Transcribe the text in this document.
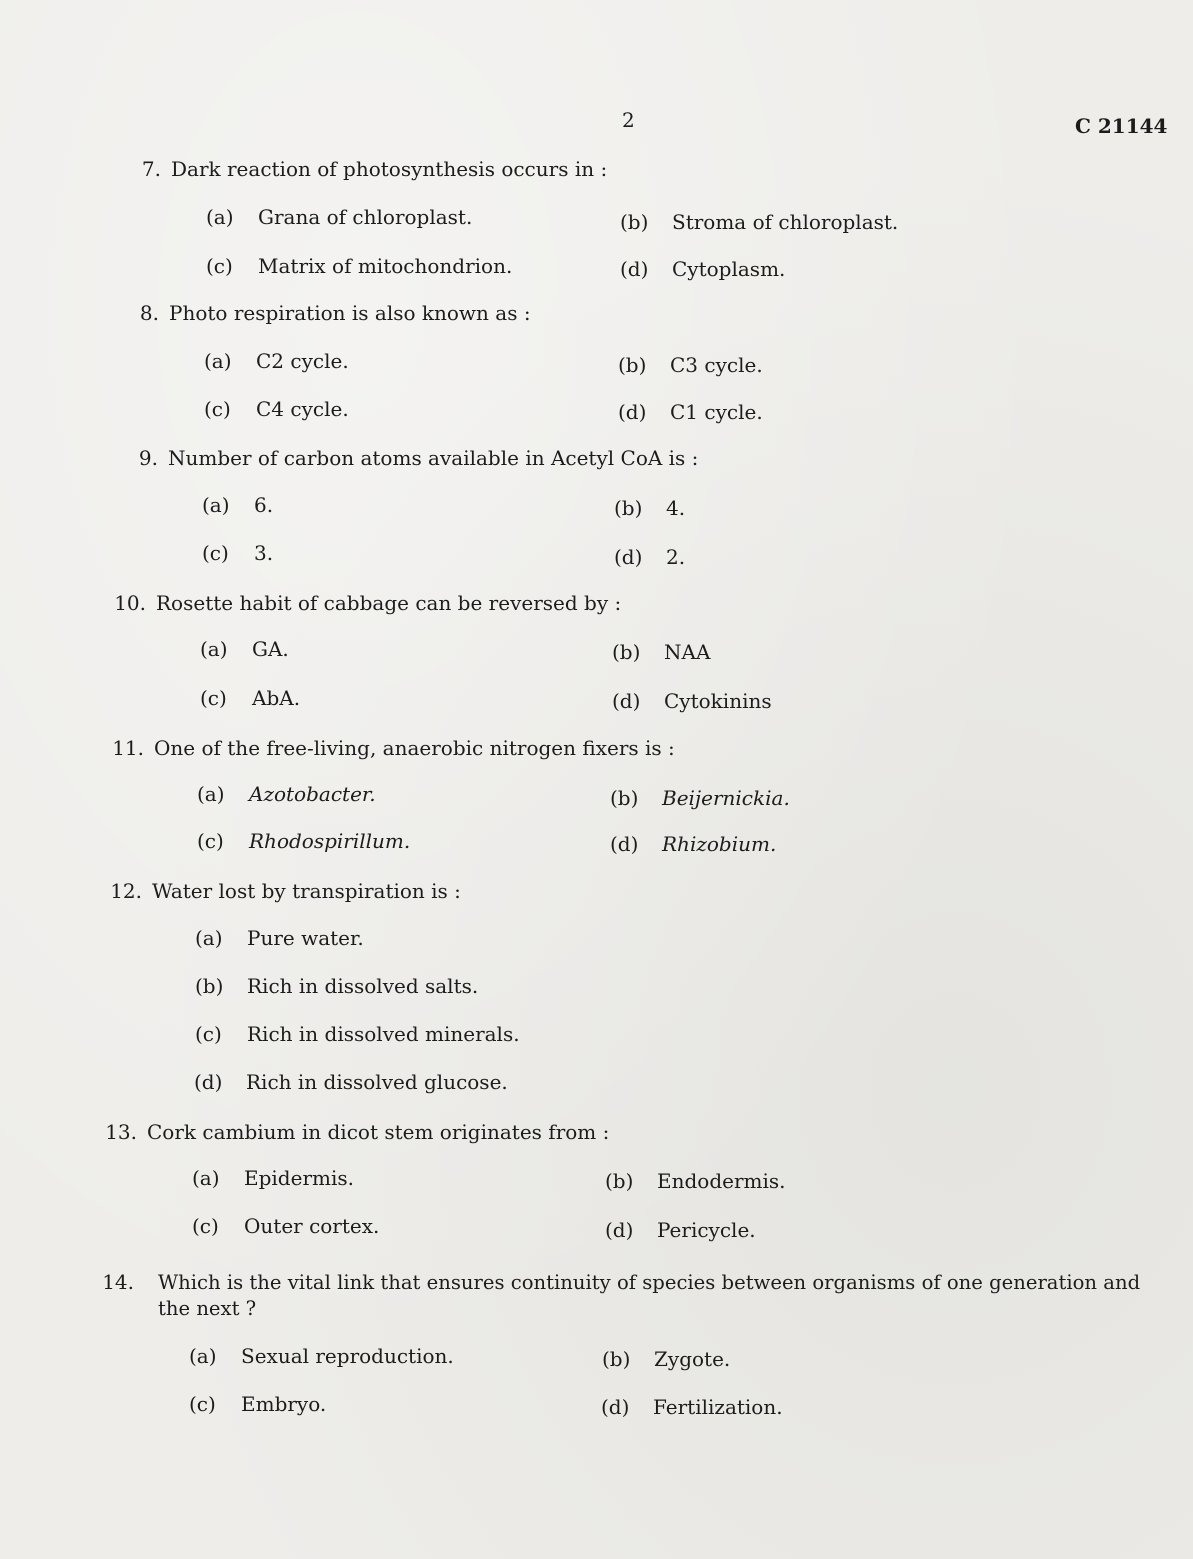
2	C 21144
7. Dark reaction of photosynthesis occurs in :
(a) Grana of chloroplast.	(b) Stroma of chloroplast.
(c) Matrix of mitochondrion.	(d) Cytoplasm.
8. Photo respiration is also known as :
(a) C2 cycle.	(b) C3 cycle.
(c) C4 cycle.	(d) C1 cycle.
9. Number of carbon atoms available in Acetyl CoA is :
(a) 6.	(b) 4.
(c) 3.	(d) 2.
10. Rosette habit of cabbage can be reversed by :
(a) GA.	(b) NAA
(c) AbA.	(d) Cytokinins
11. One of the free-living, anaerobic nitrogen fixers is :
(a) Azotobacter.	(b) Beijernickia.
(c) Rhodospirillum.	(d) Rhizobium.
12. Water lost by transpiration is :
(a) Pure water.
(b) Rich in dissolved salts.
(c) Rich in dissolved minerals.
(d) Rich in dissolved glucose.
13. Cork cambium in dicot stem originates from :
(a) Epidermis.	(b) Endodermis.
(c) Outer cortex.	(d) Pericycle.
14.	Which is the vital link that ensures continuity of species between organisms of one generation and the next ?
(a) Sexual reproduction.	(b) Zygote.
(c) Embryo.	(d) Fertilization.
